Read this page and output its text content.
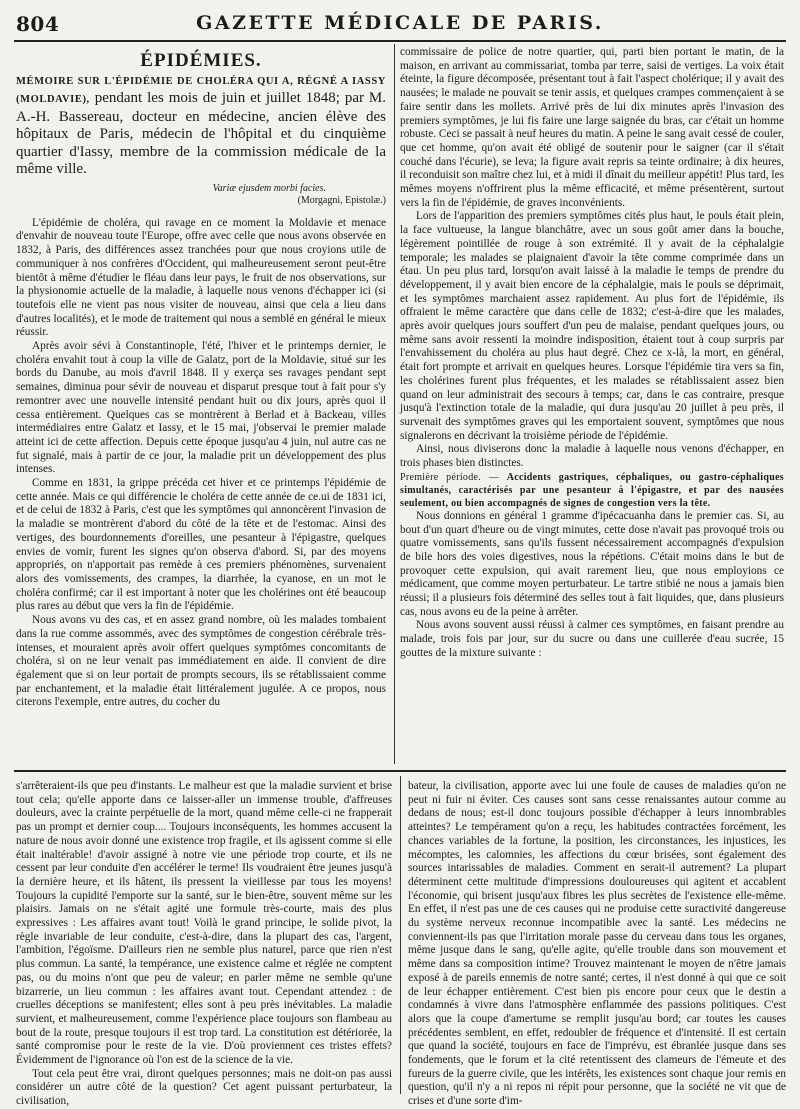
804	GAZETTE MÉDICALE DE PARIS.
ÉPIDÉMIES.
MÉMOIRE SUR L'ÉPIDÉMIE DE CHOLÉRA QUI A, RÉGNÉ A IASSY (MOLDAVIE), pendant les mois de juin et juillet 1848; par M. A.-H. Bassereau, docteur en médecine, ancien élève des hôpitaux de Paris, médecin de l'hôpital et du cinquième quartier d'Iassy, membre de la commission médicale de la même ville.
Variæ ejusdem morbi facies.
(Morgagni, Epistolæ.)

L'épidémie de choléra, qui ravage en ce moment la Moldavie et menace d'envahir de nouveau toute l'Europe, offre avec celle que nous avons observée en 1832, à Paris, des différences assez tranchées pour que nous croyions utile de communiquer à nos confrères d'Occident, qui malheureusement seront peut-être bientôt à même d'étudier le fléau dans leur pays, le fruit de nos observations, sur la physionomie actuelle de la maladie, à laquelle nous venons d'échapper ici (si toutefois elle ne vient pas nous visiter de nouveau, ainsi que cela a lieu dans d'autres localités), et le mode de traitement qui nous a semblé en général le mieux réussir.

Après avoir sévi à Constantinople, l'été, l'hiver et le printemps dernier, le choléra envahit tout à coup la ville de Galatz, port de la Moldavie, situé sur les bords du Danube, au mois d'avril 1848. Il y exerça ses ravages pendant sept semaines, diminua pour sévir de nouveau et disparut presque tout à fait pour s'y remontrer avec une nouvelle intensité pendant huit ou dix jours, après quoi il cessa entièrement. Quelques cas se montrèrent à Berlad et à Backeau, villes intermédiaires entre Galatz et Iassy, et le 15 mai, j'observai le premier malade atteint ici de cette affection. Depuis cette époque jusqu'au 4 juin, nul autre cas ne fut signalé, mais à partir de ce jour, la maladie prit un développement des plus intenses.

Comme en 1831, la grippe précéda cet hiver et ce printemps l'épidémie de cette année. Mais ce qui différencie le choléra de cette année de ce.ui de 1831 ici, et de celui de 1832 à Paris, c'est que les symptômes qui annoncèrent l'invasion de la maladie se montrèrent d'abord du côté de la tête et de l'estomac. Ainsi des vertiges, des bourdonnements d'oreilles, une pesanteur à l'épigastre, quelques envies de vomir, furent les signes qu'on observa d'abord. Si, par des moyens appropriés, on n'apportait pas remède à ces premiers phénomènes, survenaient alors des vomissements, des crampes, la diarrhée, la cyanose, en un mot le choléra confirmé; car il est important à noter que les cholérines ont été beaucoup plus rares au début que vers la fin de l'épidémie.

Nous avons vu des cas, et en assez grand nombre, où les malades tombaient dans la rue comme assommés, avec des symptômes de congestion cérébrale très-intenses, et mouraient après avoir offert quelques symptômes concomitants de choléra, si on ne leur venait pas immédiatement en aide. Il convient de dire également que si on leur portait de prompts secours, ils se rétablissaient comme par enchantement, et la maladie était littéralement jugulée. A ce propos, nous citerons l'exemple, entre autres, du cocher du

commissaire de police de notre quartier, qui, parti bien portant le matin, de la maison, en arrivant au commissariat, tomba par terre, saisi de vertiges. La voix était éteinte, la figure décomposée, présentant tout à fait l'aspect cholérique; il y avait des nausées; le malade ne pouvait se tenir assis, et quelques crampes commençaient à se faire sentir dans les mollets. Arrivé près de lui dix minutes après l'invasion des premiers symptômes, je lui fis faire une large saignée du bras, car c'était un homme robuste. Ceci se passait à neuf heures du matin. A peine le sang avait cessé de couler, que cet homme, qu'on avait été obligé de soutenir pour le saigner (car il s'était couché dans l'écurie), se leva; la figure avait repris sa teinte ordinaire; à dix heures, il reconduisit son maître chez lui, et à midi il dînait du meilleur appétit! Plus tard, les mêmes moyens n'offrirent plus la même efficacité, et même présentèrent, surtout vers la fin de l'épidémie, de graves inconvénients.

Lors de l'apparition des premiers symptômes cités plus haut, le pouls était plein, la face vultueuse, la langue blanchâtre, avec un sous goût amer dans la bouche, légèrement pointillée de rouge à son extrémité. Il y avait de la céphalalgie temporale; les malades se plaignaient d'avoir la tête comme comprimée dans un étau. Un peu plus tard, lorsqu'on avait laissé à la maladie le temps de prendre du développement, il y avait bien encore de la céphalalgie, mais le pouls se déprimait, et les symptômes marchaient assez rapidement. Au plus fort de l'épidémie, ils offraient le même caractère que dans celle de 1832; c'est-à-dire que les malades, après avoir quelques jours souffert d'un peu de malaise, pendant quelques jours, ou même sans avoir ressenti la moindre indisposition, étaient tout à coup surpris par l'envahissement du choléra au plus haut degré. Chez ce x-là, la mort, en général, était fort prompte et arrivait en quelques heures. Lorsque l'épidémie tira vers sa fin, les cholérines furent plus fréquentes, et les malades se rétablissaient assez bien quand on leur administrait des secours à temps; car, dans le cas contraire, presque jusqu'à l'extinction totale de la maladie, qui dura jusqu'au 20 juillet à peu près, il survenait des symptômes graves qui les emportaient souvent, symptômes que nous signalerons en décrivant la troisième période de l'épidémie.

Ainsi, nous diviserons donc la maladie à laquelle nous venons d'échapper, en trois phases bien distinctes.

Première période. — Accidents gastriques, céphaliques, ou gastro-céphaliques simultanés, caractérisés par une pesanteur à l'épigastre, et par des nausées seulement, ou bien accompagnés de signes de congestion vers la tête.

Nous donnions en général 1 gramme d'ipécacuanha dans le premier cas. Si, au bout d'un quart d'heure ou de vingt minutes, cette dose n'avait pas provoqué trois ou quatre vomissements, sans qu'ils fussent nécessairement accompagnés d'expulsion de bile hors des voies digestives, nous la répétions. C'était moins dans le but de provoquer cette expulsion, qui avait rarement lieu, que nous employions ce médicament, que comme moyen perturbateur. Le tartre stibié ne nous a jamais bien réussi; il a plusieurs fois déterminé des selles tout à fait liquides, que, dans plusieurs cas, nous avons eu de la peine à arrêter.

Nous avons souvent aussi réussi à calmer ces symptômes, en faisant prendre au malade, trois fois par jour, sur du sucre ou dans une cuillerée d'eau sucrée, 15 gouttes de la mixture suivante :

s'arrêteraient-ils que peu d'instants. Le malheur est que la maladie survient et brise tout cela; qu'elle apporte dans ce laisser-aller un immense trouble, d'affreuses douleurs, avec la crainte perpétuelle de la mort, quand même celle-ci ne frapperait pas un prompt et dernier coup.... Toujours inconséquents, les hommes accusent la nature de nous avoir donné une existence trop fragile, et ils agissent comme si elle était inaltérable! d'avoir assigné à notre vie une période trop courte, et ils ne cessent par leur conduite d'en accélérer le terme! Ils voudraient être jeunes jusqu'à la dernière heure, et ils hâtent, ils pressent la vieillesse par tous les moyens! Toujours la cupidité l'emporte sur la santé, sur le bien-être, souvent même sur les plaisirs. Jamais on ne s'était agité une formule très-courte, mais des plus expressives : Les affaires avant tout! Voilà le grand principe, le solide pivot, la règle invariable de leur conduite, c'est-à-dire, dans la plupart des cas, l'argent, l'ambition, l'égoïsme. D'ailleurs rien ne semble plus naturel, parce que rien n'est plus commun. La santé, la tempérance, une existence calme et réglée ne comptent pas, ou du moins n'ont que peu de valeur; en parler même ne semble qu'une bizarrerie, un lieu commun : les affaires avant tout. Cependant attendez : de cruelles déceptions se manifestent; elles sont à peu près inévitables. La maladie survient, et malheureusement, comme l'expérience place toujours son flambeau au bout de la route, presque toujours il est trop tard. La constitution est détériorée, la santé compromise pour le reste de la vie. D'où proviennent ces tristes effets? Évidemment de l'ignorance où l'on est de la science de la vie.

Tout cela peut être vrai, diront quelques personnes; mais ne doit-on pas aussi considérer un autre côté de la question? Cet agent puissant perturbateur, la civilisation,

bateur, la civilisation, apporte avec lui une foule de causes de maladies qu'on ne peut ni fuir ni éviter. Ces causes sont sans cesse renaissantes autour comme au dedans de nous; est-il donc toujours possible d'échapper à leurs innombrables atteintes? Le tempérament qu'on a reçu, les habitudes contractées forcément, les chances variables de la fortune, la position, les circonstances, les injustices, les mécomptes, les calomnies, les affections du cœur brisées, sont également des sources intarissables de maladies. Comment en serait-il autrement? La plupart déterminent cette multitude d'impressions douloureuses qui agitent et accablent l'économie, qui brisent jusqu'aux fibres les plus secrètes de l'existence elle-même. En effet, il n'est pas une de ces causes qui ne produise cette suractivité dangereuse du système nerveux reconnue incompatible avec la santé. Les médecins ne conviennent-ils pas que l'irritation morale passe du cerveau dans tous les organes, même jusque dans le sang, qu'elle agite, qu'elle trouble dans son mouvement et même dans sa composition intime? Trouvez maintenant le moyen de n'être jamais exposé à de pareils ennemis de notre santé; certes, il n'est donné à qui que ce soit de leur échapper entièrement. C'est bien pis encore pour ceux que le destin a condamnés à vivre dans l'atmosphère enflammée des passions politiques. C'est alors que la coupe d'amertume se remplit jusqu'au bord; car toutes les causes précédentes semblent, en effet, redoubler de fréquence et d'intensité. Il est certain que quand la société, toujours en face de l'imprévu, est ébranlée jusque dans ses fondements, que le forum et la cité retentissent des clameurs de l'émeute et des fureurs de la guerre civile, que les intérêts, les existences sont chaque jour remis en question, qu'il n'y a ni repos ni répit pour personne, que la société ne vit que de crises et d'une sorte d'im-
